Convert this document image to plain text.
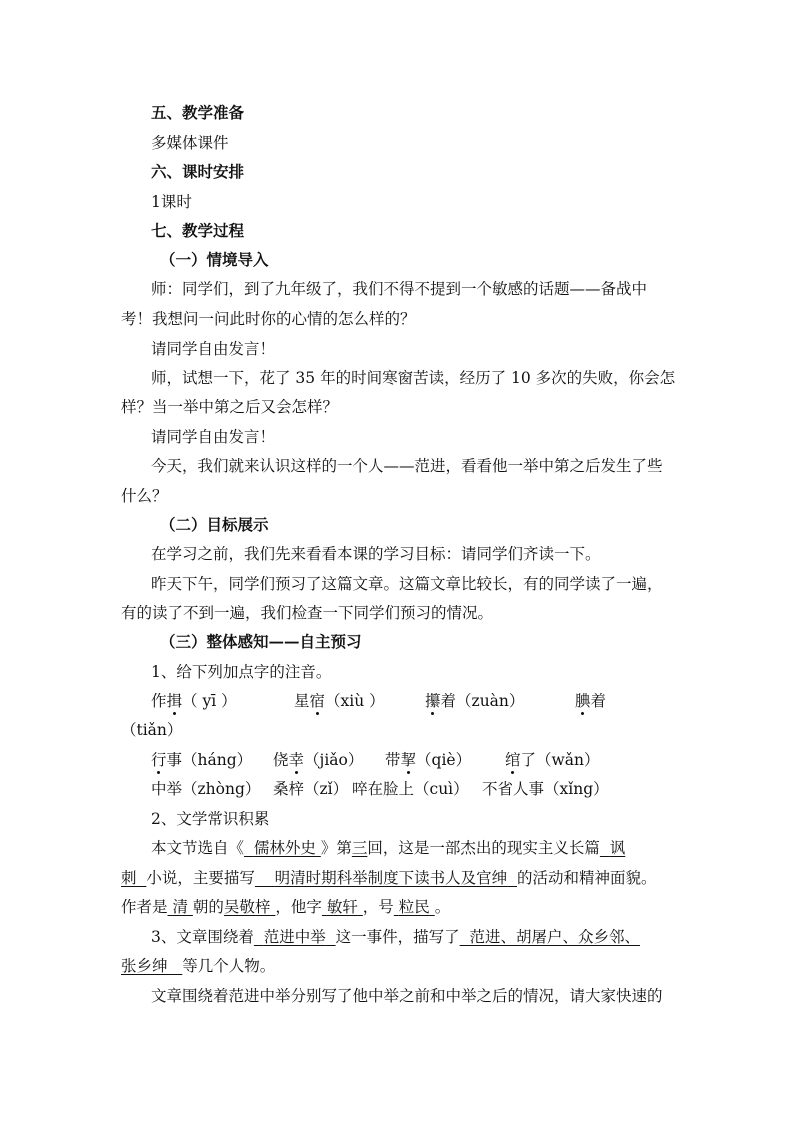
五、教学准备

多媒体课件

六、课时安排

1课时

七、教学过程

（一）情境导入

师：同学们，到了九年级了，我们不得不提到一个敏感的话题——备战中

考！我想问一问此时你的心情的怎么样的？

请同学自由发言！

师，试想一下，花了 35 年的时间寒窗苦读，经历了 10 多次的失败，你会怎

样？当一举中第之后又会怎样？

请同学自由发言！

今天，我们就来认识这样的一个人——范进，看看他一举中第之后发生了些

什么？

（二）目标展示

在学习之前，我们先来看看本课的学习目标：请同学们齐读一下。

昨天下午，同学们预习了这篇文章。这篇文章比较长，有的同学读了一遍，

有的读了不到一遍，我们检查一下同学们预习的情况。

（三）整体感知——自主预习

1、给下列加点字的注音。

作揖（ yī ）	星宿（xiù ）	攥着（zuàn）	腆着

（tiǎn）

行事（háng） 侥幸（jiǎo） 带挈（qiè） 绾了（wǎn）

中举（zhòng） 桑梓（zǐ） 啐在脸上（cuì） 不省人事（xǐng）

2、文学常识积累

本文节选自《 儒林外史 》第三回，这是一部杰出的现实主义长篇 讽

刺 小说，主要描写 明清时期科举制度下读书人及官绅 的活动和精神面貌。

作者是 清 朝的吴敬梓 ，他字 敏轩 ，号 粒民 。

3、文章围绕着 范进中举 这一事件，描写了 范进、胡屠户、众乡邻、

张乡绅 等几个人物。

文章围绕着范进中举分别写了他中举之前和中举之后的情况，请大家快速的
